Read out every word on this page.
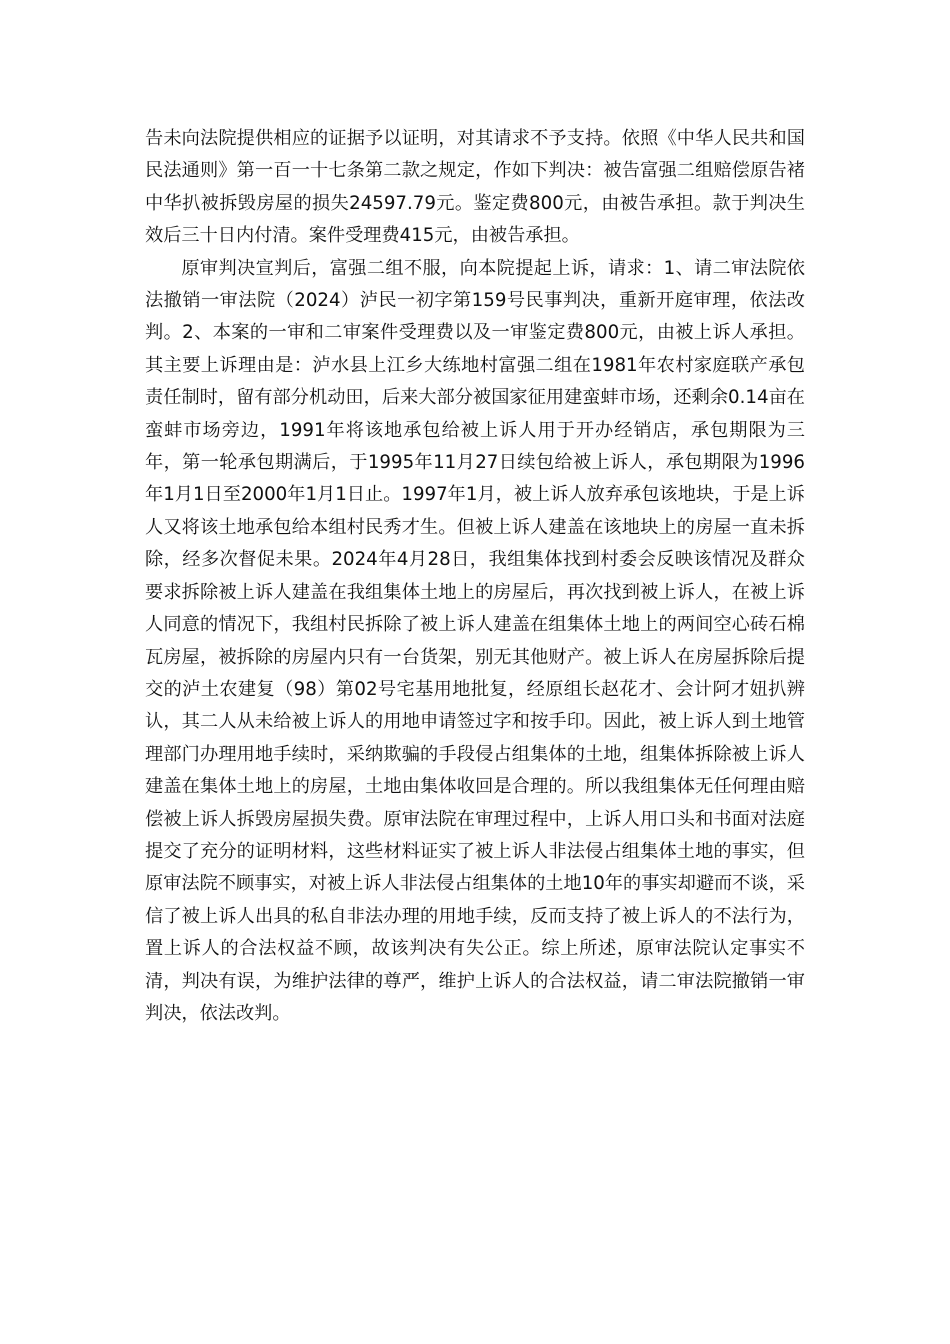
告未向法院提供相应的证据予以证明，对其请求不予支持。依照《中华人民共和国民法通则》第一百一十七条第二款之规定，作如下判决：被告富强二组赔偿原告褚中华扒被拆毁房屋的损失24597.79元。鉴定费800元，由被告承担。款于判决生效后三十日内付清。案件受理费415元，由被告承担。

原审判决宣判后，富强二组不服，向本院提起上诉，请求：1、请二审法院依法撤销一审法院（2024）泸民一初字第159号民事判决，重新开庭审理，依法改判。2、本案的一审和二审案件受理费以及一审鉴定费800元，由被上诉人承担。其主要上诉理由是：泸水县上江乡大练地村富强二组在1981年农村家庭联产承包责任制时，留有部分机动田，后来大部分被国家征用建蛮蚌市场，还剩余0.14亩在蛮蚌市场旁边，1991年将该地承包给被上诉人用于开办经销店，承包期限为三年，第一轮承包期满后，于1995年11月27日续包给被上诉人，承包期限为1996年1月1日至2000年1月1日止。1997年1月，被上诉人放弃承包该地块，于是上诉人又将该土地承包给本组村民秀才生。但被上诉人建盖在该地块上的房屋一直未拆除，经多次督促未果。2024年4月28日，我组集体找到村委会反映该情况及群众要求拆除被上诉人建盖在我组集体土地上的房屋后，再次找到被上诉人，在被上诉人同意的情况下，我组村民拆除了被上诉人建盖在组集体土地上的两间空心砖石棉瓦房屋，被拆除的房屋内只有一台货架，别无其他财产。被上诉人在房屋拆除后提交的泸土农建复（98）第02号宅基用地批复，经原组长赵花才、会计阿才妞扒辨认，其二人从未给被上诉人的用地申请签过字和按手印。因此，被上诉人到土地管理部门办理用地手续时，采纳欺骗的手段侵占组集体的土地，组集体拆除被上诉人建盖在集体土地上的房屋，土地由集体收回是合理的。所以我组集体无任何理由赔偿被上诉人拆毁房屋损失费。原审法院在审理过程中，上诉人用口头和书面对法庭提交了充分的证明材料，这些材料证实了被上诉人非法侵占组集体土地的事实，但原审法院不顾事实，对被上诉人非法侵占组集体的土地10年的事实却避而不谈，采信了被上诉人出具的私自非法办理的用地手续，反而支持了被上诉人的不法行为，置上诉人的合法权益不顾，故该判决有失公正。综上所述，原审法院认定事实不清，判决有误，为维护法律的尊严，维护上诉人的合法权益，请二审法院撤销一审判决，依法改判。
